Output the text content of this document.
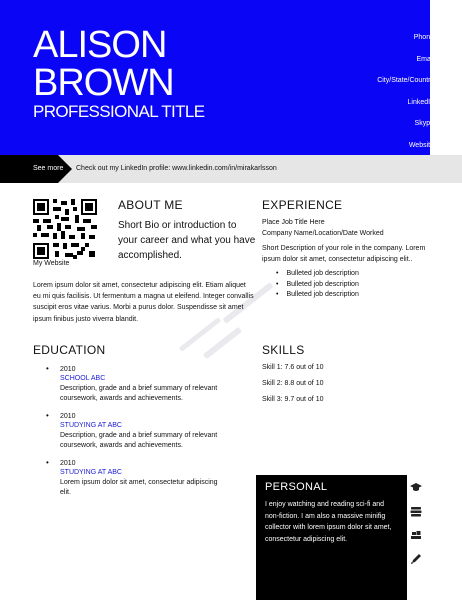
ALISON
BROWN
PROFESSIONAL TITLE
Phone
Email
City/State/Country
LinkedIn
Skype
Website
See more Check out my LinkedIn profile: www.linkedin.com/in/mirakarlsson
My Website
ABOUT ME
Short Bio or introduction to your career and what you have accomplished.
Lorem ipsum dolor sit amet, consectetur adipiscing elit. Etiam aliquet eu mi quis facilisis. Ut fermentum a magna ut eleifend. Integer convallis suscipit eros vitae varius. Morbi a purus dolor. Suspendisse sit amet ipsum finibus justo viverra blandit.
EXPERIENCE
Place Job Title Here
Company Name/Location/Date Worked
Short Description of your role in the company. Lorem ipsum dolor sit amet, consectetur adipiscing elit..
• Bulleted job description
• Bulleted job description
• Bulleted job description
EDUCATION
• 2010
SCHOOL ABC
Description, grade and a brief summary of relevant coursework, awards and achievements.
• 2010
STUDYING AT ABC
Description, grade and a brief summary of relevant coursework, awards and achievements.
• 2010
STUDYING AT ABC
Lorem ipsum dolor sit amet, consectetur adipiscing elit.
SKILLS
Skill 1: 7.6 out of 10
Skill 2: 8.8 out of 10
Skill 3: 9.7 out of 10
PERSONAL
I enjoy watching and reading sci-fi and non-fiction. I am also a massive minifig collector with lorem ipsum dolor sit amet, consectetur adipiscing elit.
